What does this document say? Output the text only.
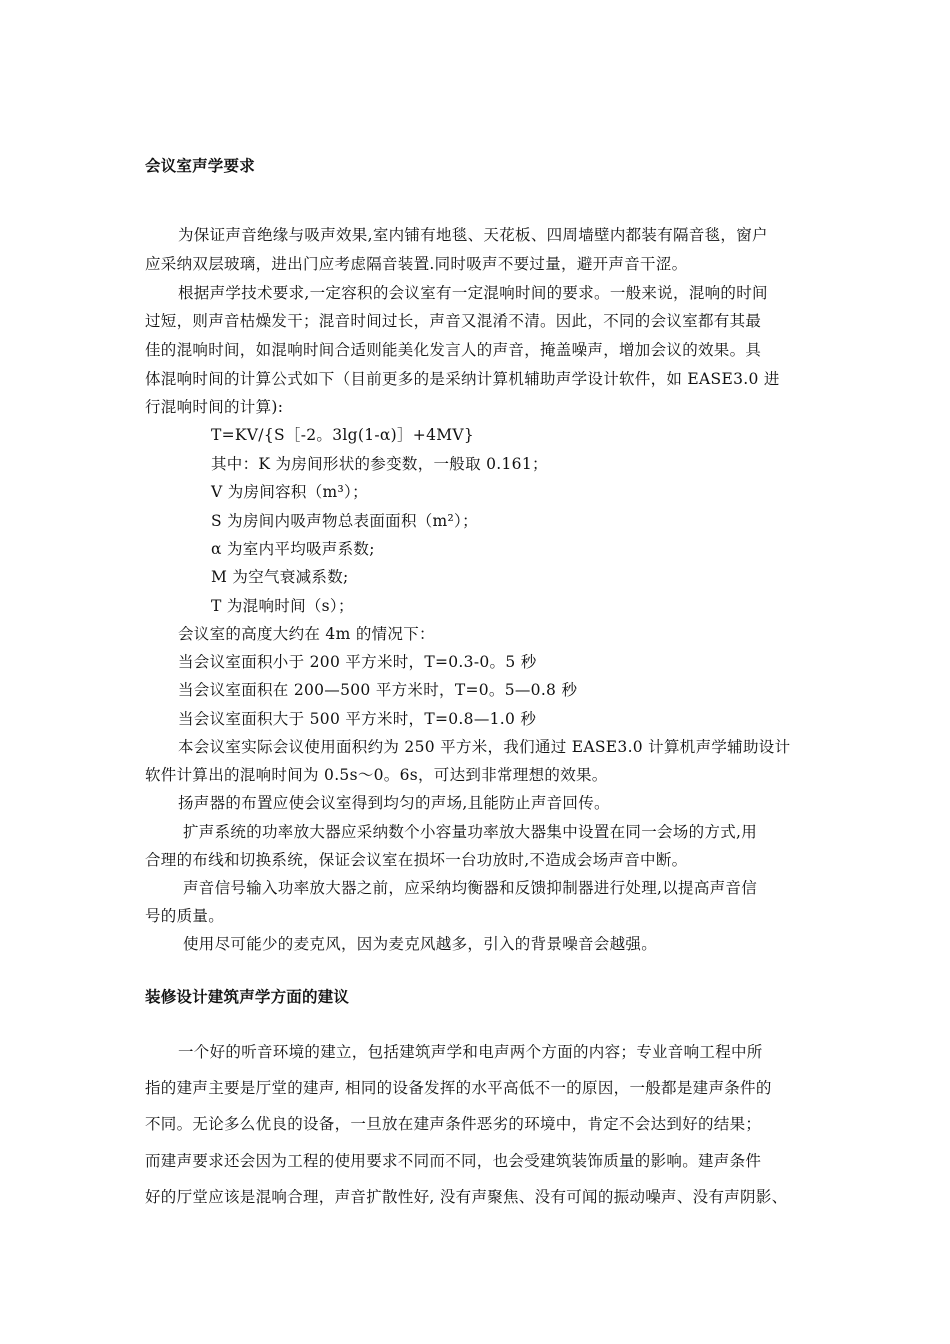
会议室声学要求
为保证声音绝缘与吸声效果,室内铺有地毯、天花板、四周墙壁内都装有隔音毯，窗户
应采纳双层玻璃，进出门应考虑隔音装置.同时吸声不要过量，避开声音干涩。
根据声学技术要求,一定容积的会议室有一定混响时间的要求。一般来说，混响的时间
过短，则声音枯燥发干；混音时间过长，声音又混淆不清。因此，不同的会议室都有其最
佳的混响时间，如混响时间合适则能美化发言人的声音，掩盖噪声，增加会议的效果。具
体混响时间的计算公式如下（目前更多的是采纳计算机辅助声学设计软件，如 EASE3.0 进
行混响时间的计算):
T=KV/{S［-2。3lg(1-α)］+4MV}
其中：K 为房间形状的参变数，一般取 0.161；
V 为房间容积（m³）；
S 为房间内吸声物总表面面积（m²）；
α 为室内平均吸声系数;
M 为空气衰减系数;
T 为混响时间（s）；
会议室的高度大约在 4m 的情况下：
当会议室面积小于 200 平方米时，T=0.3-0。5 秒
当会议室面积在 200—500 平方米时，T=0。5—0.8 秒
当会议室面积大于 500 平方米时，T=0.8—1.0 秒
本会议室实际会议使用面积约为 250 平方米，我们通过 EASE3.0 计算机声学辅助设计
软件计算出的混响时间为 0.5s～0。6s，可达到非常理想的效果。
扬声器的布置应使会议室得到均匀的声场,且能防止声音回传。
扩声系统的功率放大器应采纳数个小容量功率放大器集中设置在同一会场的方式,用
合理的布线和切换系统，保证会议室在损坏一台功放时,不造成会场声音中断。
声音信号输入功率放大器之前，应采纳均衡器和反馈抑制器进行处理,以提高声音信
号的质量。
使用尽可能少的麦克风，因为麦克风越多，引入的背景噪音会越强。
装修设计建筑声学方面的建议
一个好的听音环境的建立，包括建筑声学和电声两个方面的内容；专业音响工程中所
指的建声主要是厅堂的建声, 相同的设备发挥的水平高低不一的原因，一般都是建声条件的
不同。无论多么优良的设备，一旦放在建声条件恶劣的环境中，肯定不会达到好的结果；
而建声要求还会因为工程的使用要求不同而不同，也会受建筑装饰质量的影响。建声条件
好的厅堂应该是混响合理，声音扩散性好, 没有声聚焦、没有可闻的振动噪声、没有声阴影、
